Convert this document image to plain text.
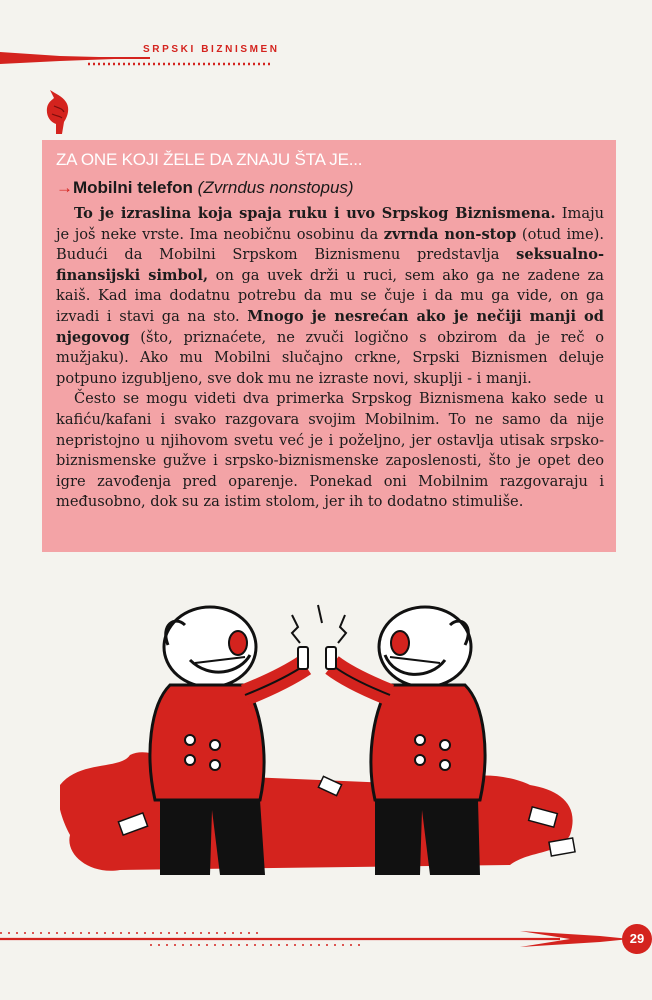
SRPSKI BIZNISMEN
ZA ONE KOJI ŽELE DA ZNAJU ŠTA JE...
→Mobilni telefon (Zvrndus nonstopus)

To je izraslina koja spaja ruku i uvo Srpskog Biznismena. Imaju je još neke vrste. Ima neobičnu osobinu da zvrnda non-stop (otud ime). Budući da Mobilni Srpskom Biznismenu predstavlja seksualno-finansijski simbol, on ga uvek drži u ruci, sem ako ga ne zadene za kaiš. Kad ima dodatnu potrebu da mu se čuje i da mu ga vide, on ga izvadi i stavi ga na sto. Mnogo je nesrećan ako je nečiji manji od njegovog (što, priznaćete, ne zvuči logično s obzirom da je reč o mužjaku). Ako mu Mobilni slučajno crkne, Srpski Biznismen deluje potpuno izgubljeno, sve dok mu ne izraste novi, skuplji - i manji.

Često se mogu videti dva primerka Srpskog Biznismena kako sede u kafiću/kafani i svako razgovara svojim Mobilnim. To ne samo da nije nepristojno u njihovom svetu već je i poželjno, jer ostavlja utisak srpsko-biznismenske gužve i srpsko-biznismenske zaposlenosti, što je opet deo igre zavođenja pred oparenje. Ponekad oni Mobilnim razgovaraju i međusobno, dok su za istim stolom, jer ih to dodatno stimuliše.

29
